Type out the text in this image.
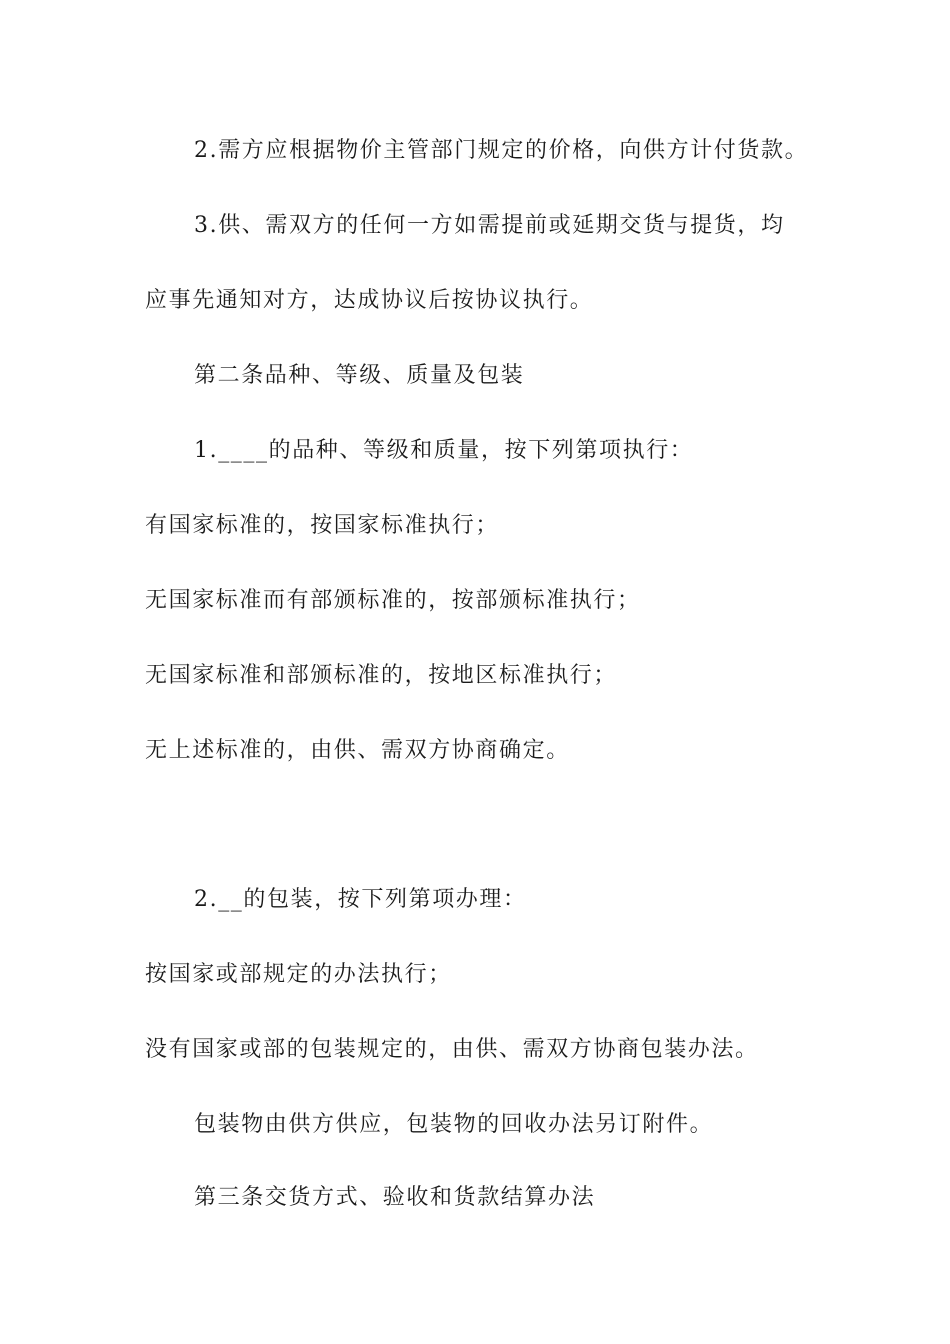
2.需方应根据物价主管部门规定的价格，向供方计付货款。
3.供、需双方的任何一方如需提前或延期交货与提货，均
应事先通知对方，达成协议后按协议执行。
第二条品种、等级、质量及包装
1.____的品种、等级和质量，按下列第项执行：
有国家标准的，按国家标准执行；
无国家标准而有部颁标准的，按部颁标准执行；
无国家标准和部颁标准的，按地区标准执行；
无上述标准的，由供、需双方协商确定。
2.__的包装，按下列第项办理：
按国家或部规定的办法执行；
没有国家或部的包装规定的，由供、需双方协商包装办法。
包装物由供方供应，包装物的回收办法另订附件。
第三条交货方式、验收和货款结算办法
